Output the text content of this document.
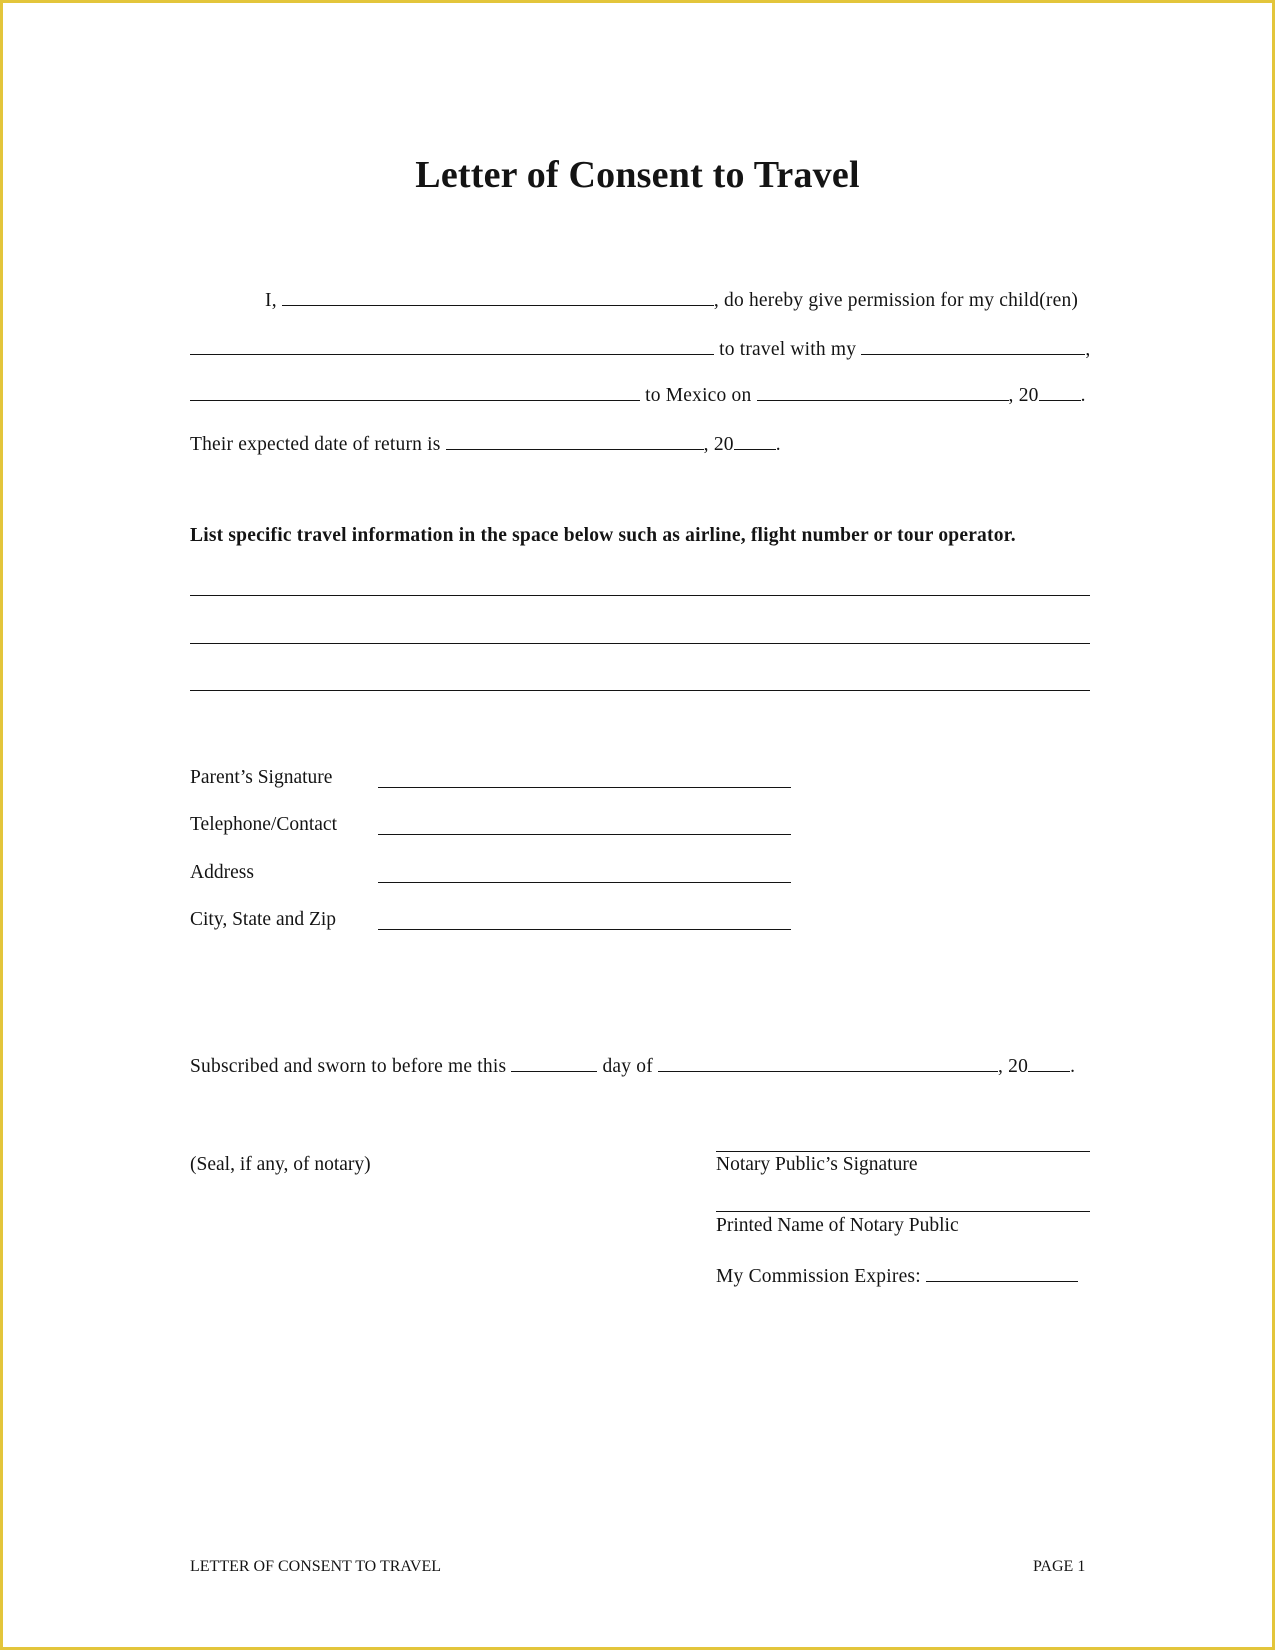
Letter of Consent to Travel
I,	, do hereby give permission for my child(ren)
to travel with my	,
to Mexico on	, 20 .
Their expected date of return is	, 20 .
List specific travel information in the space below such as airline, flight number or tour operator.
Parent’s Signature
Telephone/Contact
Address
City, State and Zip
Subscribed and sworn to before me this	day of	, 20 .
(Seal, if any, of notary)	Notary Public’s Signature
Printed Name of Notary Public
My Commission Expires:
LETTER OF CONSENT TO TRAVEL	PAGE 1
